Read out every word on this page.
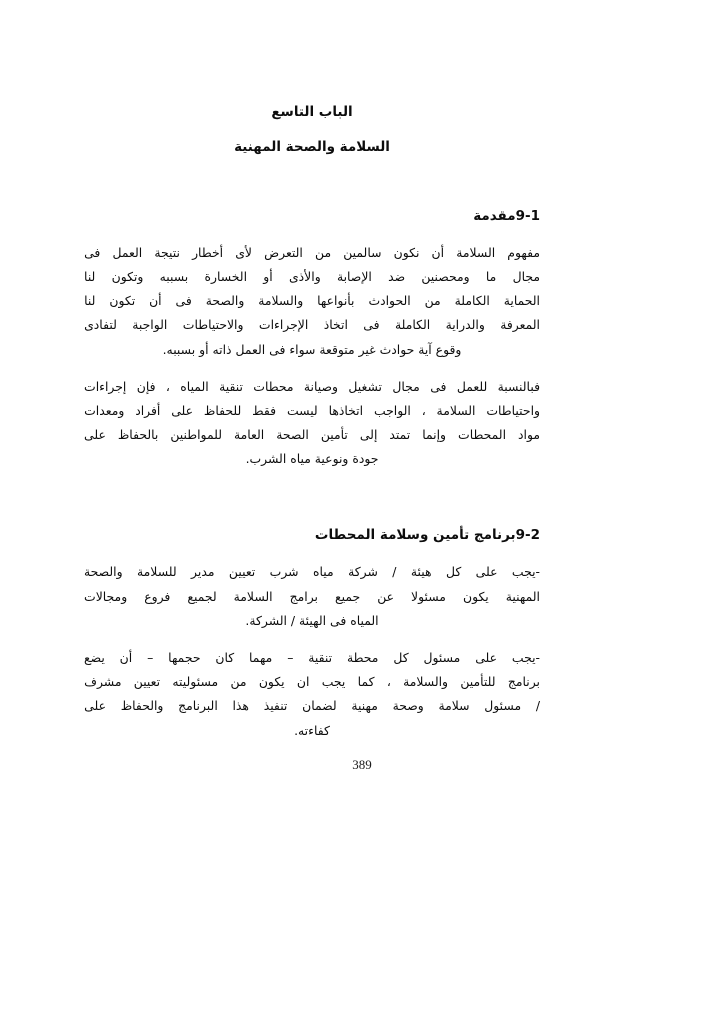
الباب التاسع
السلامة والصحة المهنية
9-1مقدمة
مفهوم
السلامة
أن
نكون
سالمين
من
التعرض
لأى
أخطار
نتيجة
العمل
فى
مجال
ما
ومحصنين
ضد
الإصابة
والأذى
أو
الخسارة
بسببه
وتكون
لنا
الحماية
الكاملة
من
الحوادث
بأنواعها
والسلامة
والصحة
فى
أن
تكون
لنا
المعرفة
والدراية
الكاملة
فى
اتخاذ
الإجراءات
والاحتياطات
الواجبة
لتفادى
وقوع آية حوادث غير متوقعة سواء فى العمل ذاته أو بسببه.
فبالنسبة
للعمل
فى
مجال
تشغيل
وصيانة
محطات
تنقية
المياه
،
فإن
إجراءات
واحتياطات
السلامة
،
الواجب
اتخاذها
ليست
فقط
للحفاظ
على
أفراد
ومعدات
مواد
المحطات
وإنما
تمتد
إلى
تأمين
الصحة
العامة
للمواطنين
بالحفاظ
على
جودة ونوعية مياه الشرب.
9-2برنامج تأمين وسلامة المحطات
-يجب
على
كل
هيئة
/
شركة
مياه
شرب
تعيين
مدير
للسلامة
والصحة
المهنية
يكون
مسئولا
عن
جميع
برامج
السلامة
لجميع
فروع
ومجالات
المياه فى الهيئة / الشركة.
-يجب
على
مسئول
كل
محطة
تنقية
–
مهما
كان
حجمها
–
أن
يضع
برنامج
للتأمين
والسلامة
،
كما
يجب
ان
يكون
من
مسئوليته
تعيين
مشرف
/
مسئول
سلامة
وصحة
مهنية
لضمان
تنفيذ
هذا
البرنامج
والحفاظ
على
كفاءته.
389
